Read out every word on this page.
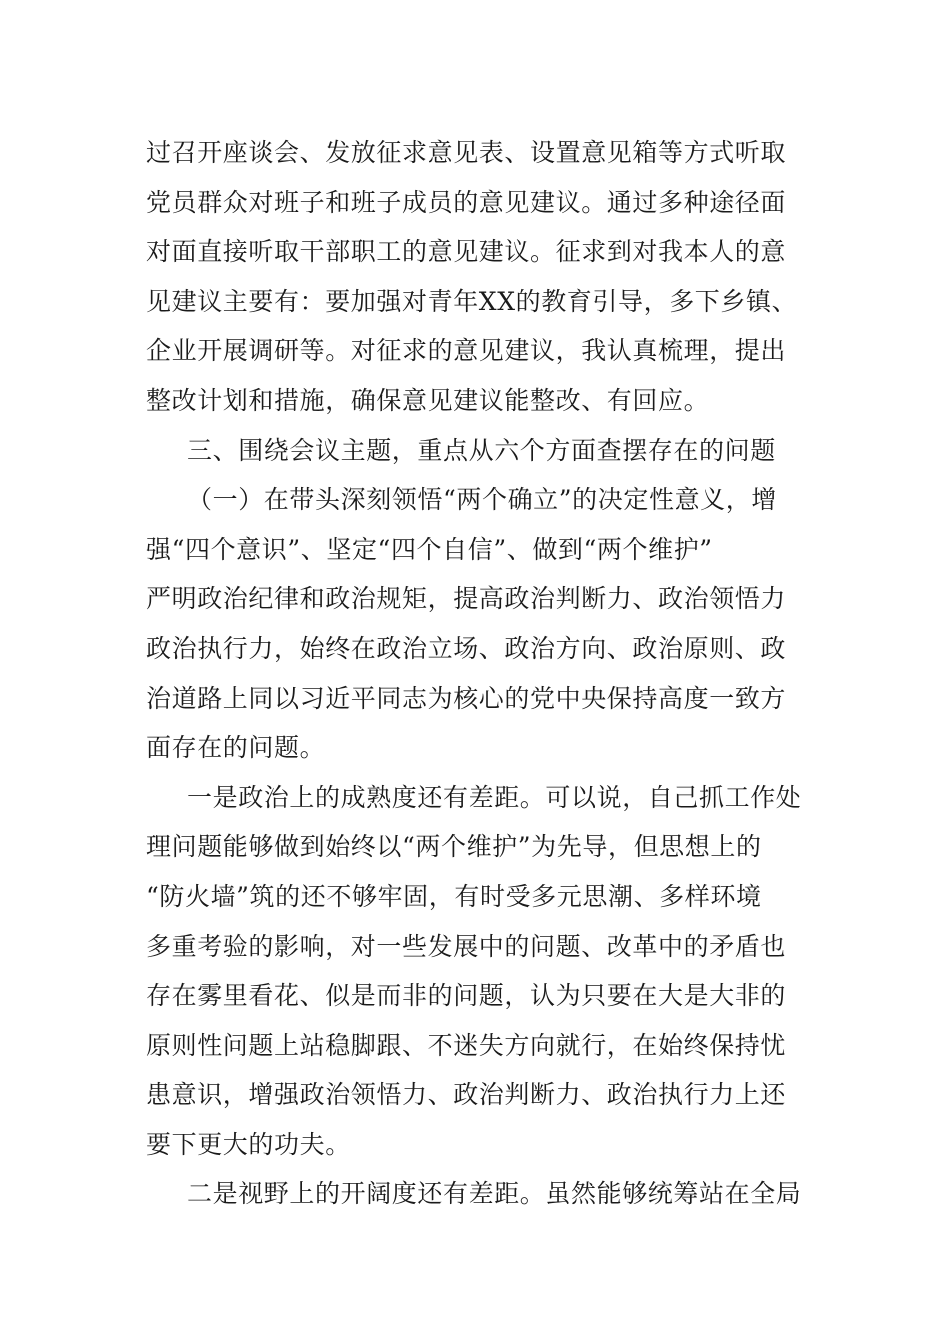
过召开座谈会、发放征求意见表、设置意见箱等方式听取
党员群众对班子和班子成员的意见建议。通过多种途径面
对面直接听取干部职工的意见建议。征求到对我本人的意
见建议主要有：要加强对青年XX的教育引导，多下乡镇、
企业开展调研等。对征求的意见建议，我认真梳理，提出
整改计划和措施，确保意见建议能整改、有回应。
三、围绕会议主题，重点从六个方面查摆存在的问题
（一）在带头深刻领悟“两个确立”的决定性意义，增
强“四个意识”、坚定“四个自信”、做到“两个维护”
严明政治纪律和政治规矩，提高政治判断力、政治领悟力
政治执行力，始终在政治立场、政治方向、政治原则、政
治道路上同以习近平同志为核心的党中央保持高度一致方
面存在的问题。
一是政治上的成熟度还有差距。可以说，自己抓工作处
理问题能够做到始终以“两个维护”为先导，但思想上的
“防火墙”筑的还不够牢固，有时受多元思潮、多样环境
多重考验的影响，对一些发展中的问题、改革中的矛盾也
存在雾里看花、似是而非的问题，认为只要在大是大非的
原则性问题上站稳脚跟、不迷失方向就行，在始终保持忧
患意识，增强政治领悟力、政治判断力、政治执行力上还
要下更大的功夫。
二是视野上的开阔度还有差距。虽然能够统筹站在全局
